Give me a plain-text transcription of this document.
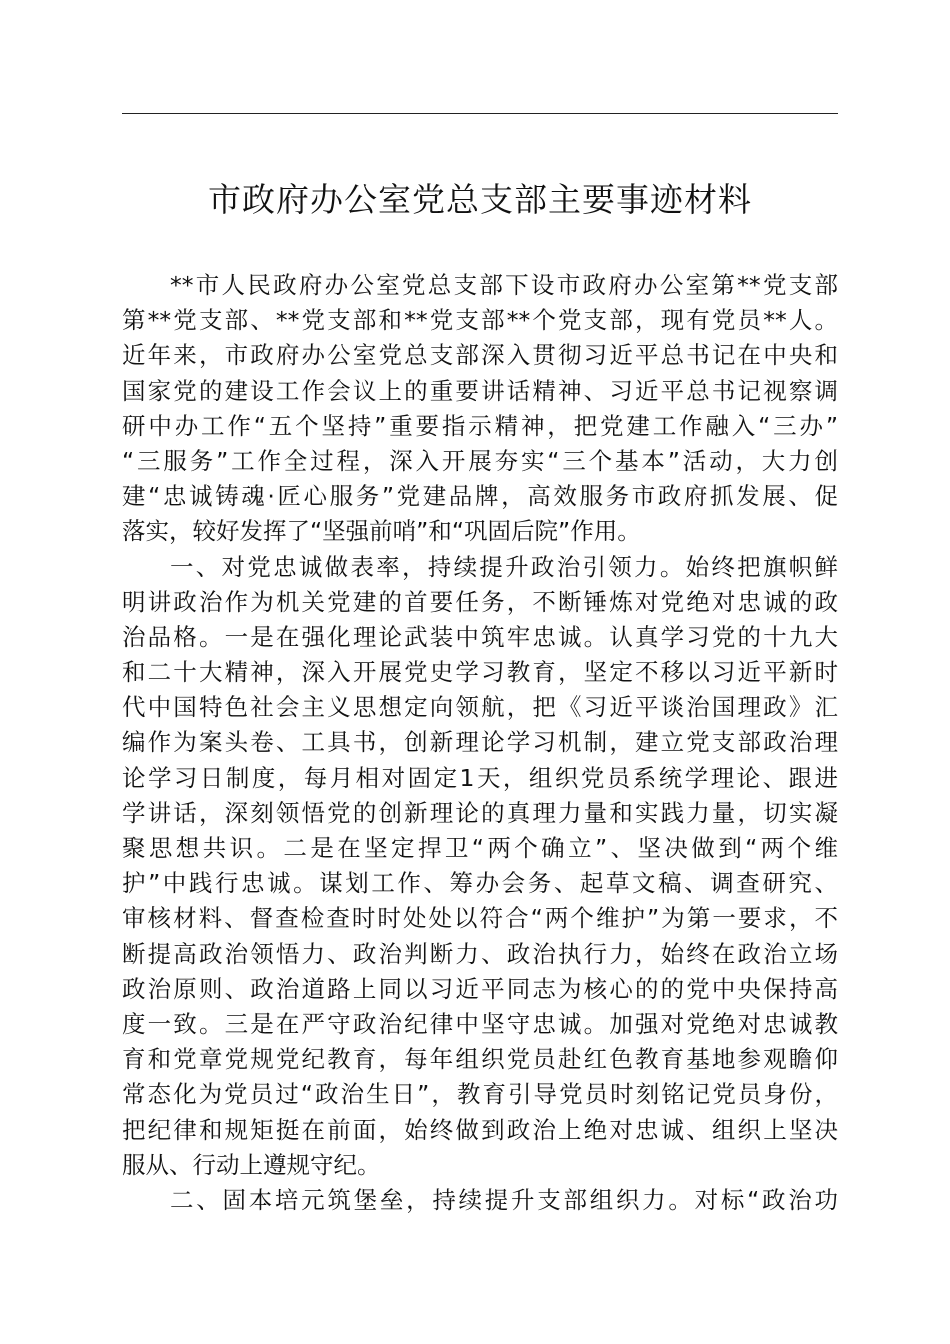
市政府办公室党总支部主要事迹材料
**市人民政府办公室党总支部下设市政府办公室第**党支部
第**党支部、**党支部和**党支部**个党支部，现有党员**人。
近年来，市政府办公室党总支部深入贯彻习近平总书记在中央和
国家党的建设工作会议上的重要讲话精神、习近平总书记视察调
研中办工作“五个坚持”重要指示精神，把党建工作融入“三办”
“三服务”工作全过程，深入开展夯实“三个基本”活动，大力创
建“忠诚铸魂·匠心服务”党建品牌，高效服务市政府抓发展、促
落实，较好发挥了“坚强前哨”和“巩固后院”作用。
一、对党忠诚做表率，持续提升政治引领力。始终把旗帜鲜
明讲政治作为机关党建的首要任务，不断锤炼对党绝对忠诚的政
治品格。一是在强化理论武装中筑牢忠诚。认真学习党的十九大
和二十大精神，深入开展党史学习教育，坚定不移以习近平新时
代中国特色社会主义思想定向领航，把《习近平谈治国理政》汇
编作为案头卷、工具书，创新理论学习机制，建立党支部政治理
论学习日制度，每月相对固定1天，组织党员系统学理论、跟进
学讲话，深刻领悟党的创新理论的真理力量和实践力量，切实凝
聚思想共识。二是在坚定捍卫“两个确立”、坚决做到“两个维
护”中践行忠诚。谋划工作、筹办会务、起草文稿、调查研究、
审核材料、督查检查时时处处以符合“两个维护”为第一要求，不
断提高政治领悟力、政治判断力、政治执行力，始终在政治立场
政治原则、政治道路上同以习近平同志为核心的的党中央保持高
度一致。三是在严守政治纪律中坚守忠诚。加强对党绝对忠诚教
育和党章党规党纪教育，每年组织党员赴红色教育基地参观瞻仰
常态化为党员过“政治生日”，教育引导党员时刻铭记党员身份，
把纪律和规矩挺在前面，始终做到政治上绝对忠诚、组织上坚决
服从、行动上遵规守纪。
二、固本培元筑堡垒，持续提升支部组织力。对标“政治功
